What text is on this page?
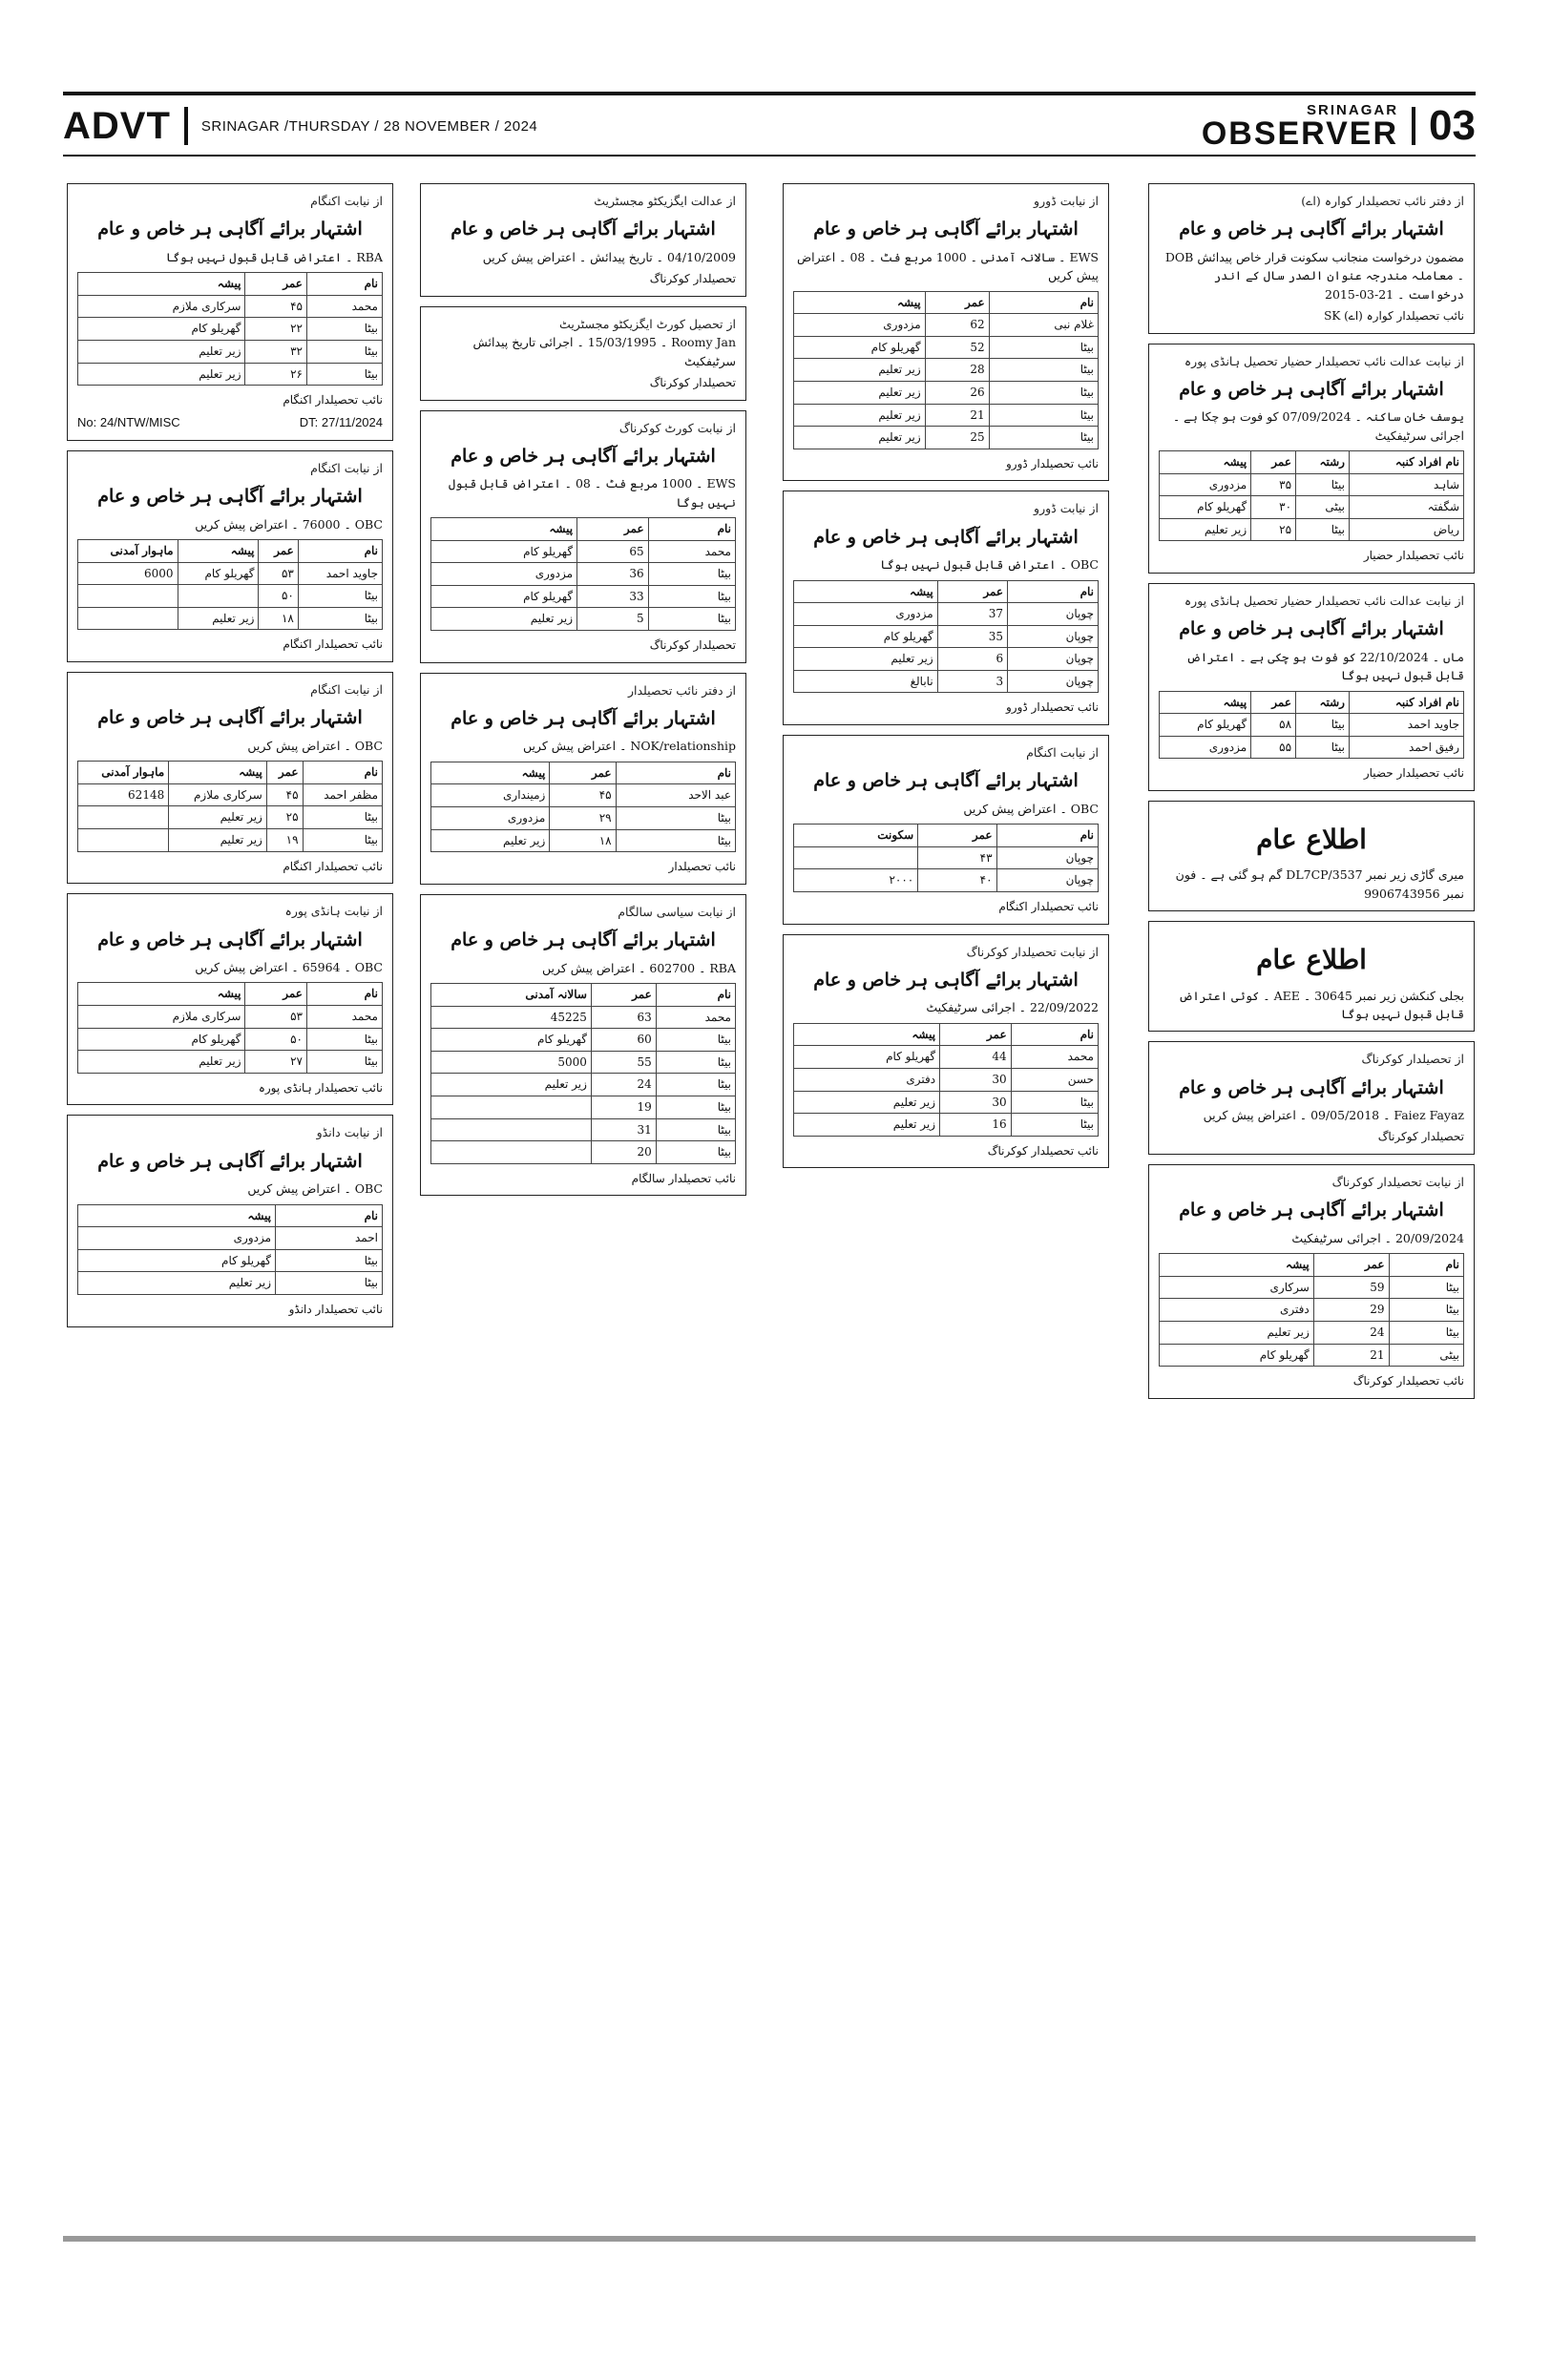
ADVT SRINAGAR /THURSDAY / 28 NOVEMBER / 2024
SRINAGAR
OBSERVER 03
از دفتر نائب تحصیلدار کوارہ (اے)
اشتہار برائے آگاہی ہر خاص و عام
مضمون درخواست منجانب سکونت قرار خاص پیدائش DOB ۔ معاملہ مندرجہ عنوان الصدر سال کے اندر درخواست ۔ 21-03-2015
نائب تحصیلدار کوارہ (اے) SK
از نیابت عدالت نائب تحصیلدار حضیار تحصیل ہانڈی پورہ
اشتہار برائے آگاہی ہر خاص و عام
یوسف خان ساکنہ ۔ 07/09/2024 کو فوت ہو چکا ہے ۔ اجرائی سرٹیفکیٹ
نام افراد کنبہ	رشتہ	عمر	پیشہ
شاہد	بیٹا	۳۵	مزدوری
شگفتہ	بیٹی	۳۰	گھریلو کام
ریاض	بیٹا	۲۵	زیر تعلیم
نائب تحصیلدار حضیار
از نیابت عدالت نائب تحصیلدار حضیار تحصیل ہانڈی پورہ
اشتہار برائے آگاہی ہر خاص و عام
ماں ۔ 22/10/2024 کو فوت ہو چکی ہے ۔ اعتراض قابل قبول نہیں ہوگا
نام افراد کنبہ	رشتہ	عمر	پیشہ
جاوید احمد	بیٹا	۵۸	گھریلو کام
رفیق احمد	بیٹا	۵۵	مزدوری
نائب تحصیلدار حضیار
اطلاع عام
میری گاڑی زیر نمبر DL7CP/3537 گم ہو گئی ہے ۔ فون نمبر 9906743956
اطلاع عام
بجلی کنکشن زیر نمبر 30645 ۔ AEE ۔ کوئی اعتراض قابل قبول نہیں ہوگا
از تحصیلدار کوکرناگ
اشتہار برائے آگاہی ہر خاص و عام
Faiez Fayaz ۔ 09/05/2018 ۔ اعتراض پیش کریں
تحصیلدار کوکرناگ
از نیابت تحصیلدار کوکرناگ
اشتہار برائے آگاہی ہر خاص و عام
20/09/2024 ۔ اجرائی سرٹیفکیٹ
نام	عمر	پیشہ
بیٹا	59	سرکاری
بیٹا	29	دفتری
بیٹا	24	زیر تعلیم
بیٹی	21	گھریلو کام
نائب تحصیلدار کوکرناگ
از نیابت ڈورو
اشتہار برائے آگاہی ہر خاص و عام
EWS ۔ سالانہ آمدنی ۔ 1000 مربع فٹ ۔ 08 ۔ اعتراض پیش کریں
نام	عمر	پیشہ
غلام نبی	62	مزدوری
بیٹا	52	گھریلو کام
بیٹا	28	زیر تعلیم
بیٹا	26	زیر تعلیم
بیٹا	21	زیر تعلیم
بیٹا	25	زیر تعلیم
نائب تحصیلدار ڈورو
از نیابت ڈورو
اشتہار برائے آگاہی ہر خاص و عام
OBC ۔ اعتراض قابل قبول نہیں ہوگا
نام	عمر	پیشہ
چوپان	37	مزدوری
چوپان	35	گھریلو کام
چوپان	6	زیر تعلیم
چوپان	3	نابالغ
نائب تحصیلدار ڈورو
از نیابت اکنگام
اشتہار برائے آگاہی ہر خاص و عام
OBC ۔ اعتراض پیش کریں
نام	عمر	سکونت
چوپان	۴۳	
چوپان	۴۰	۲۰۰۰
نائب تحصیلدار اکنگام
از نیابت تحصیلدار کوکرناگ
اشتہار برائے آگاہی ہر خاص و عام
22/09/2022 ۔ اجرائی سرٹیفکیٹ
نام	عمر	پیشہ
محمد	44	گھریلو کام
حسن	30	دفتری
بیٹا	30	زیر تعلیم
بیٹا	16	زیر تعلیم
نائب تحصیلدار کوکرناگ
از عدالت ایگزیکٹو مجسٹریٹ
اشتہار برائے آگاہی ہر خاص و عام
04/10/2009 ۔ تاریخ پیدائش ۔ اعتراض پیش کریں
تحصیلدار کوکرناگ
از تحصیل کورٹ ایگزیکٹو مجسٹریٹ
Roomy Jan ۔ 15/03/1995 ۔ اجرائی تاریخ پیدائش سرٹیفکیٹ
تحصیلدار کوکرناگ
از نیابت کورٹ کوکرناگ
اشتہار برائے آگاہی ہر خاص و عام
EWS ۔ 1000 مربع فٹ ۔ 08 ۔ اعتراض قابل قبول نہیں ہوگا
نام	عمر	پیشہ
محمد	65	گھریلو کام
بیٹا	36	مزدوری
بیٹا	33	گھریلو کام
بیٹا	5	زیر تعلیم
تحصیلدار کوکرناگ
از دفتر نائب تحصیلدار
اشتہار برائے آگاہی ہر خاص و عام
NOK/relationship ۔ اعتراض پیش کریں
نام	عمر	پیشہ
عبد الاحد	۴۵	زمینداری
بیٹا	۲۹	مزدوری
بیٹا	۱۸	زیر تعلیم
نائب تحصیلدار
از نیابت سیاسی سالگام
اشتہار برائے آگاہی ہر خاص و عام
RBA ۔ 602700 ۔ اعتراض پیش کریں
نام	عمر	سالانہ آمدنی
محمد	63	45225
بیٹا	60	گھریلو کام
بیٹا	55	5000
بیٹا	24	زیر تعلیم
بیٹا	19	
بیٹا	31	
بیٹا	20	
نائب تحصیلدار سالگام
از نیابت اکنگام
اشتہار برائے آگاہی ہر خاص و عام
RBA ۔ اعتراض قابل قبول نہیں ہوگا
نام	عمر	پیشہ
محمد	۴۵	سرکاری ملازم
بیٹا	۲۲	گھریلو کام
بیٹا	۳۲	زیر تعلیم
بیٹا	۲۶	زیر تعلیم
نائب تحصیلدار اکنگام
No: 24/NTW/MISC	DT: 27/11/2024
از نیابت اکنگام
اشتہار برائے آگاہی ہر خاص و عام
OBC ۔ 76000 ۔ اعتراض پیش کریں
نام	عمر	پیشہ	ماہوار آمدنی
جاوید احمد	۵۳	گھریلو کام	6000
بیٹا	۵۰		
بیٹا	۱۸	زیر تعلیم	
نائب تحصیلدار اکنگام
از نیابت اکنگام
اشتہار برائے آگاہی ہر خاص و عام
OBC ۔ اعتراض پیش کریں
نام	عمر	پیشہ	ماہوار آمدنی
مظفر احمد	۴۵	سرکاری ملازم	62148
بیٹا	۲۵	زیر تعلیم	
بیٹا	۱۹	زیر تعلیم	
نائب تحصیلدار اکنگام
از نیابت ہانڈی پورہ
اشتہار برائے آگاہی ہر خاص و عام
OBC ۔ 65964 ۔ اعتراض پیش کریں
نام	عمر	پیشہ
محمد	۵۳	سرکاری ملازم
بیٹا	۵۰	گھریلو کام
بیٹا	۲۷	زیر تعلیم
نائب تحصیلدار ہانڈی پورہ
از نیابت دانڈو
اشتہار برائے آگاہی ہر خاص و عام
OBC ۔ اعتراض پیش کریں
نام	پیشہ
احمد	مزدوری
بیٹا	گھریلو کام
بیٹا	زیر تعلیم
نائب تحصیلدار دانڈو
